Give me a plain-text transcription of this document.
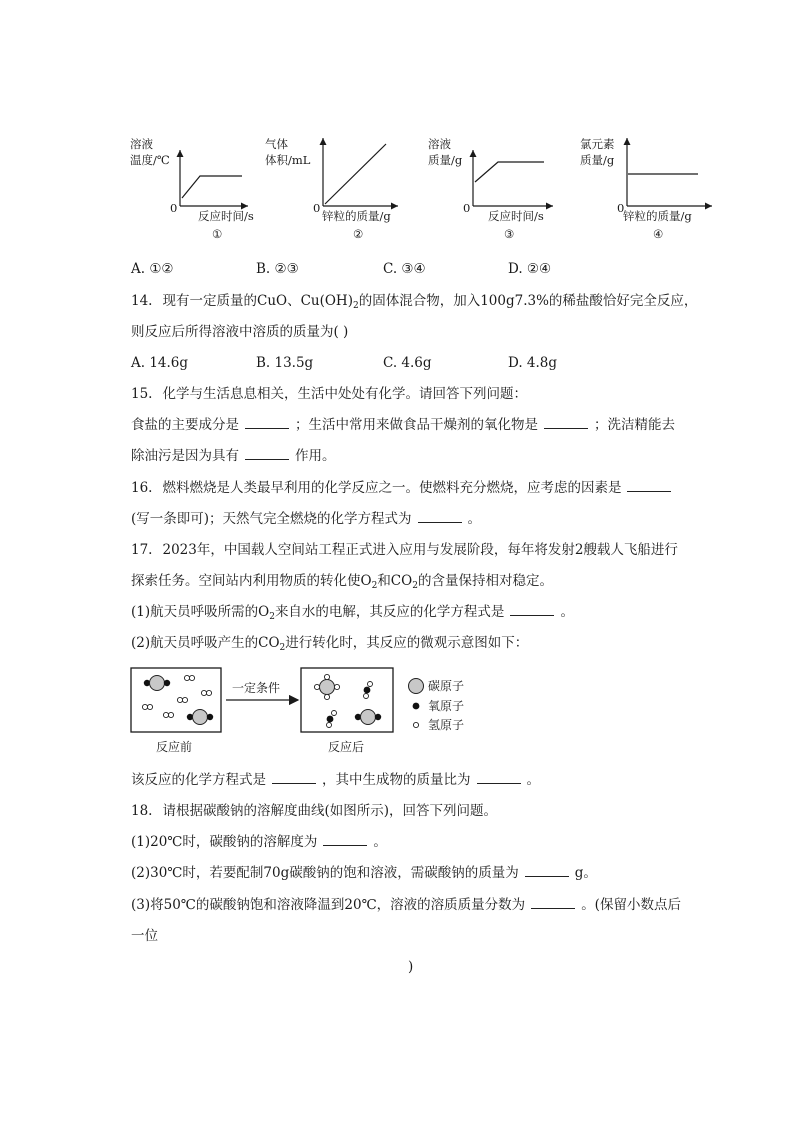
溶液
温度/℃
0
反应时间/s
①
气体
体积/mL
0
锌粒的质量/g
②
溶液
质量/g
0
反应时间/s
③
氯元素
质量/g
0
锌粒的质量/g
④
A. ①②	B. ②③	C. ③④	D. ②④
14. 现有一定质量的CuO、$Cu(OH)_2$的固体混合物，加入100g7.3%的稀盐酸恰好完全反应，
则反应后所得溶液中溶质的质量为( )
A. 14.6g	B. 13.5g	C. 4.6g	D. 4.8g
15. 化学与生活息息相关，生活中处处有化学。请回答下列问题：
食盐的主要成分是	；生活中常用来做食品干燥剂的氧化物是	；洗洁精能去
除油污是因为具有	作用。
16. 燃料燃烧是人类最早利用的化学反应之一。使燃料充分燃烧，应考虑的因素是
(写一条即可)；天然气完全燃烧的化学方程式为	。
17. 2023年，中国载人空间站工程正式进入应用与发展阶段，每年将发射2艘载人飞船进行
探索任务。空间站内利用物质的转化使$O_2$和$CO_2$的含量保持相对稳定。
(1)航天员呼吸所需的$O_2$来自水的电解，其反应的化学方程式是	。
(2)航天员呼吸产生的$CO_2$进行转化时，其反应的微观示意图如下：
一定条件
反应前	反应后
碳原子
氧原子
氢原子
该反应的化学方程式是	，其中生成物的质量比为	。
18. 请根据碳酸钠的溶解度曲线(如图所示)，回答下列问题。
(1)20℃时，碳酸钠的溶解度为	。
(2)30℃时，若要配制70g碳酸钠的饱和溶液，需碳酸钠的质量为	g。
(3)将50℃的碳酸钠饱和溶液降温到20℃，溶液的溶质质量分数为	。(保留小数点后
一位
)
